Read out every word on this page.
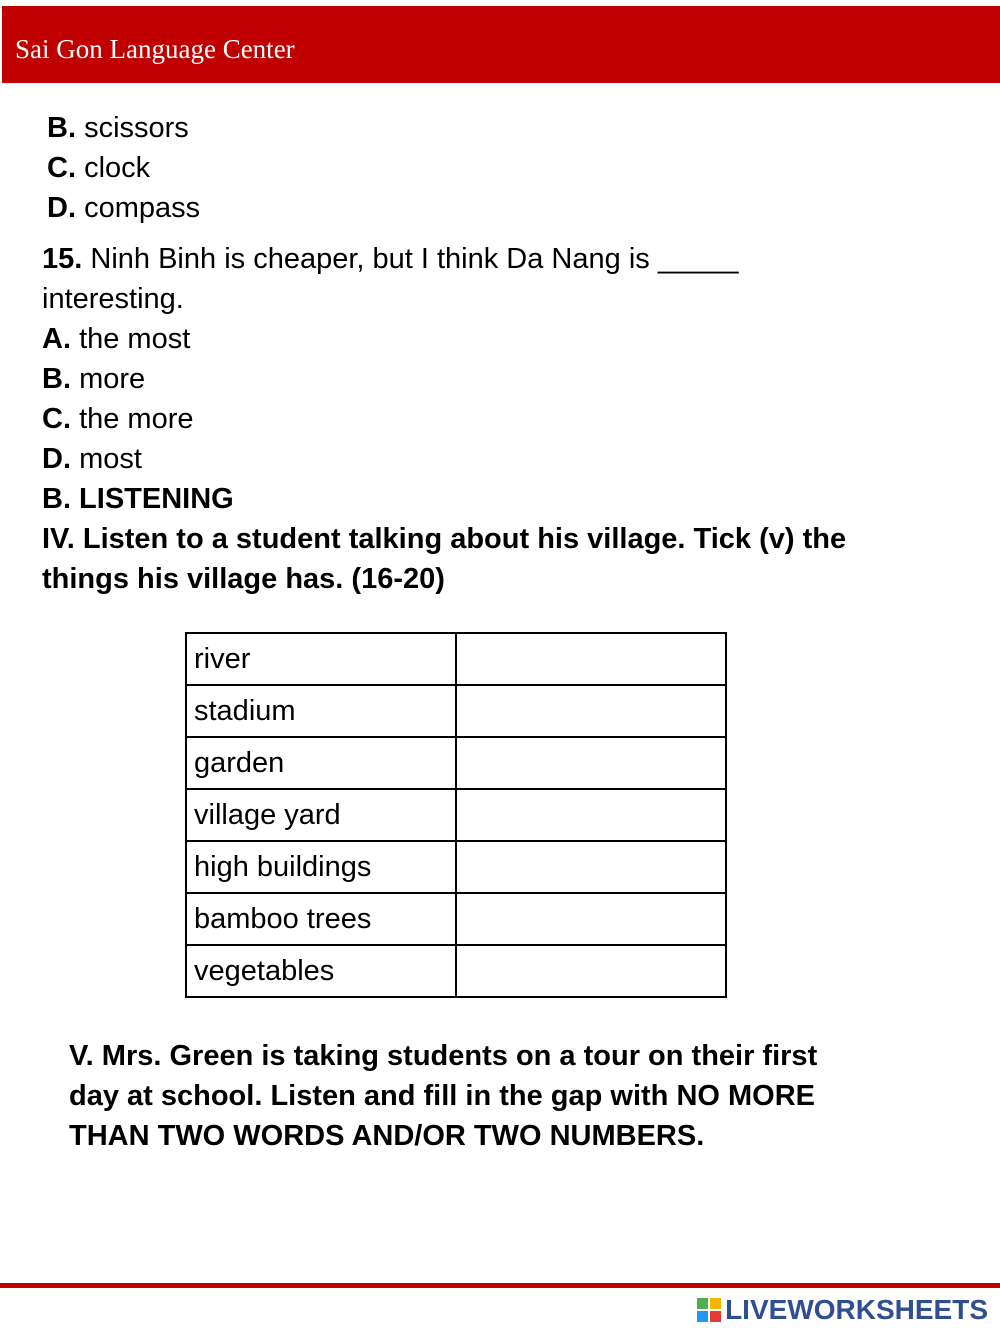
Sai Gon Language Center
B. scissors
C. clock
D. compass
15. Ninh Binh is cheaper, but I think Da Nang is _____
interesting.
A. the most
B. more
C. the more
D. most
B. LISTENING
IV. Listen to a student talking about his village. Tick (v) the
things his village has. (16-20)
river	
stadium	
garden	
village yard	
high buildings	
bamboo trees	
vegetables	
V. Mrs. Green is taking students on a tour on their first
day at school. Listen and fill in the gap with NO MORE
THAN TWO WORDS AND/OR TWO NUMBERS.
LIVEWORKSHEETS
